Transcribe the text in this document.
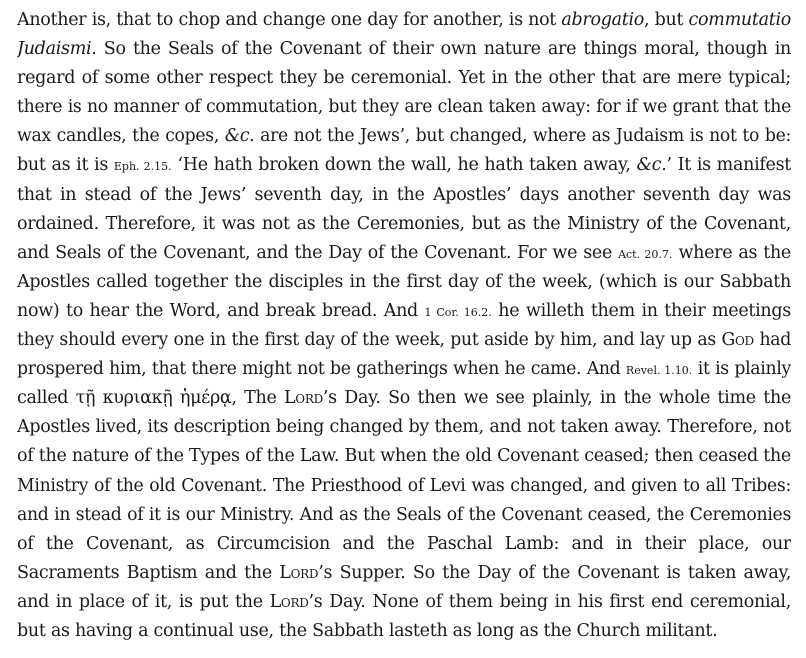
Another is, that to chop and change one day for another, is not abrogatio, but commutatio
Judaismi. So the Seals of the Covenant of their own nature are things moral, though in
regard of some other respect they be ceremonial. Yet in the other that are mere typical;
there is no manner of commutation, but they are clean taken away: for if we grant that the
wax candles, the copes, &c. are not the Jews’, but changed, where as Judaism is not to be:
but as it is Eph. 2.15. ‘He hath broken down the wall, he hath taken away, &c.’ It is manifest
that in stead of the Jews’ seventh day, in the Apostles’ days another seventh day was
ordained. Therefore, it was not as the Ceremonies, but as the Ministry of the Covenant,
and Seals of the Covenant, and the Day of the Covenant. For we see Act. 20.7. where as the
Apostles called together the disciples in the first day of the week, (which is our Sabbath
now) to hear the Word, and break bread. And 1 Cor. 16.2. he willeth them in their meetings
they should every one in the first day of the week, put aside by him, and lay up as God had
prospered him, that there might not be gatherings when he came. And Revel. 1.10. it is plainly
called τῇ κυριακῇ ἡμέρᾳ, The Lord’s Day. So then we see plainly, in the whole time the
Apostles lived, its description being changed by them, and not taken away. Therefore, not
of the nature of the Types of the Law. But when the old Covenant ceased; then ceased the
Ministry of the old Covenant. The Priesthood of Levi was changed, and given to all Tribes:
and in stead of it is our Ministry. And as the Seals of the Covenant ceased, the Ceremonies
of the Covenant, as Circumcision and the Paschal Lamb: and in their place, our
Sacraments Baptism and the Lord’s Supper. So the Day of the Covenant is taken away,
and in place of it, is put the Lord’s Day. None of them being in his first end ceremonial,
but as having a continual use, the Sabbath lasteth as long as the Church militant.
